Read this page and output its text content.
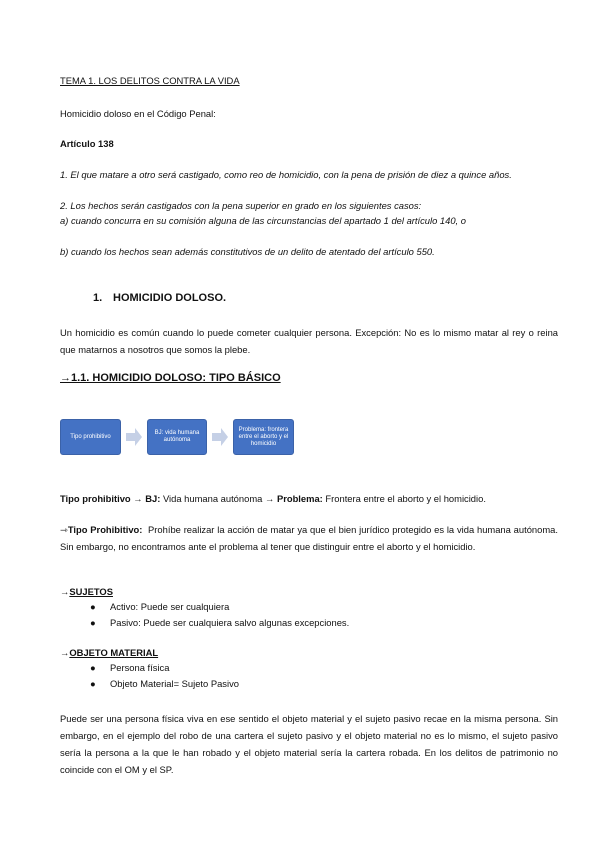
TEMA 1. LOS DELITOS CONTRA LA VIDA

Homicidio doloso en el Código Penal:

Artículo 138

1. El que matare a otro será castigado, como reo de homicidio, con la pena de prisión de diez a quince años.

2. Los hechos serán castigados con la pena superior en grado en los siguientes casos:

a) cuando concurra en su comisión alguna de las circunstancias del apartado 1 del artículo 140, o

b) cuando los hechos sean además constitutivos de un delito de atentado del artículo 550.

1. HOMICIDIO DOLOSO.

Un homicidio es común cuando lo puede cometer cualquier persona. Excepción: No es lo mismo matar al rey o reina que matarnos a nosotros que somos la plebe.

→1.1. HOMICIDIO DOLOSO: TIPO BÁSICO

Tipo prohibitivo
BJ: vida humana autónoma
Problema: frontera entre el aborto y el homicidio

Tipo prohibitivo → BJ: Vida humana autónoma → Problema: Frontera entre el aborto y el homicidio.

⇾Tipo Prohibitivo: Prohíbe realizar la acción de matar ya que el bien jurídico protegido es la vida humana autónoma. Sin embargo, no encontramos ante el problema al tener que distinguir entre el aborto y el homicidio.

→SUJETOS

● Activo: Puede ser cualquiera
● Pasivo: Puede ser cualquiera salvo algunas excepciones.

→OBJETO MATERIAL

● Persona física
● Objeto Material= Sujeto Pasivo

Puede ser una persona física viva en ese sentido el objeto material y el sujeto pasivo recae en la misma persona. Sin embargo, en el ejemplo del robo de una cartera el sujeto pasivo y el objeto material no es lo mismo, el sujeto pasivo sería la persona a la que le han robado y el objeto material sería la cartera robada. En los delitos de patrimonio no coincide con el OM y el SP.
